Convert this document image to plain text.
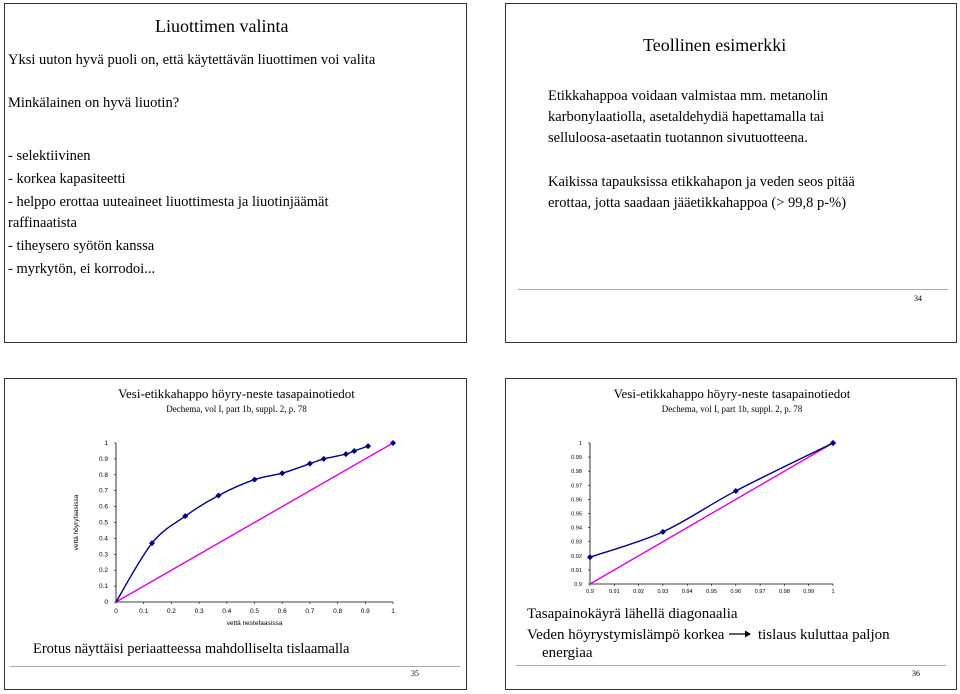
Liuottimen valinta
Yksi uuton hyvä puoli on, että käytettävän liuottimen voi valita
Minkälainen on hyvä liuotin?
- selektiivinen
- korkea kapasiteetti
- helppo erottaa uuteaineet liuottimesta ja liuotinjäämät
raffinaatista
- tiheysero syötön kanssa
- myrkytön, ei korrodoi...
Teollinen esimerkki
Etikkahappoa voidaan valmistaa mm. metanolin
karbonylaatiolla, asetaldehydiä hapettamalla tai
selluloosa-asetaatin tuotannon sivutuotteena.
Kaikissa tapauksissa etikkahapon ja veden seos pitää
erottaa, jotta saadaan jääetikkahappoa (> 99,8 p-%)
34
Vesi-etikkahappo höyry-neste tasapainotiedot
Dechema, vol I, part 1b, suppl. 2, p. 78
0
0.1
0.2
0.3
0.4
0.5
0.6
0.7
0.8
0.9
1
0	0.1	0.2	0.3	0.4	0.5	0.6	0.7	0.8	0.9	1
vettä nestefaasissa
vettä höyryfaasissa
Erotus näyttäisi periaatteessa mahdolliselta tislaamalla
35
Vesi-etikkahappo höyry-neste tasapainotiedot
Dechema, vol I, part 1b, suppl. 2, p. 78
0.9
0.91
0.92
0.93
0.94
0.95
0.96
0.97
0.98
0.99
1
0.9	0.91 0.92 0.93 0.94 0.95 0.96 0.97 0.98 0.99	1
Tasapainokäyrä lähellä diagonaalia
Veden höyrystymislämpö korkea tislaus kuluttaa paljon
energiaa
36
